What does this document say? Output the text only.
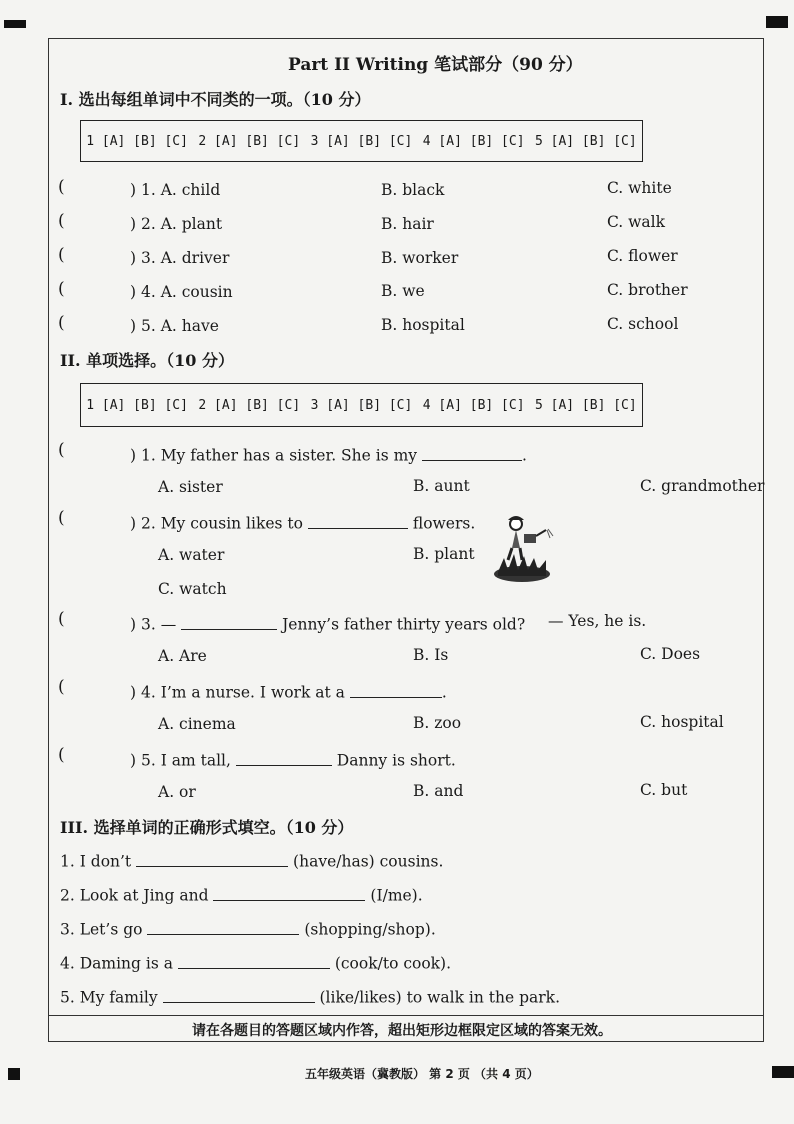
Part II Writing 笔试部分（90 分）
I. 选出每组单词中不同类的一项。（10 分）
1 [A] [B] [C] 2 [A] [B] [C] 3 [A] [B] [C] 4 [A] [B] [C] 5 [A] [B] [C]
(	) 1. A. child	B. black	C. white
(	) 2. A. plant	B. hair	C. walk
(	) 3. A. driver	B. worker	C. flower
(	) 4. A. cousin	B. we	C. brother
(	) 5. A. have	B. hospital	C. school
II. 单项选择。（10 分）
1 [A] [B] [C] 2 [A] [B] [C] 3 [A] [B] [C] 4 [A] [B] [C] 5 [A] [B] [C]
(	) 1. My father has a sister. She is my	.
A. sister	B. aunt	C. grandmother
(	) 2. My cousin likes to	flowers.
A. water	B. plant
C. watch
(	) 3. —	Jenny’s father thirty years old? — Yes, he is.
A. Are	B. Is	C. Does
(	) 4. I’m a nurse. I work at a	.
A. cinema	B. zoo	C. hospital
(	) 5. I am tall,	Danny is short.
A. or	B. and	C. but
III. 选择单词的正确形式填空。（10 分）
1. I don’t	(have/has) cousins.
2. Look at Jing and	(I/me).
3. Let’s go	(shopping/shop).
4. Daming is a	(cook/to cook).
5. My family	(like/likes) to walk in the park.
请在各题目的答题区域内作答，超出矩形边框限定区域的答案无效。
五年级英语（冀教版） 第 2 页 （共 4 页）
